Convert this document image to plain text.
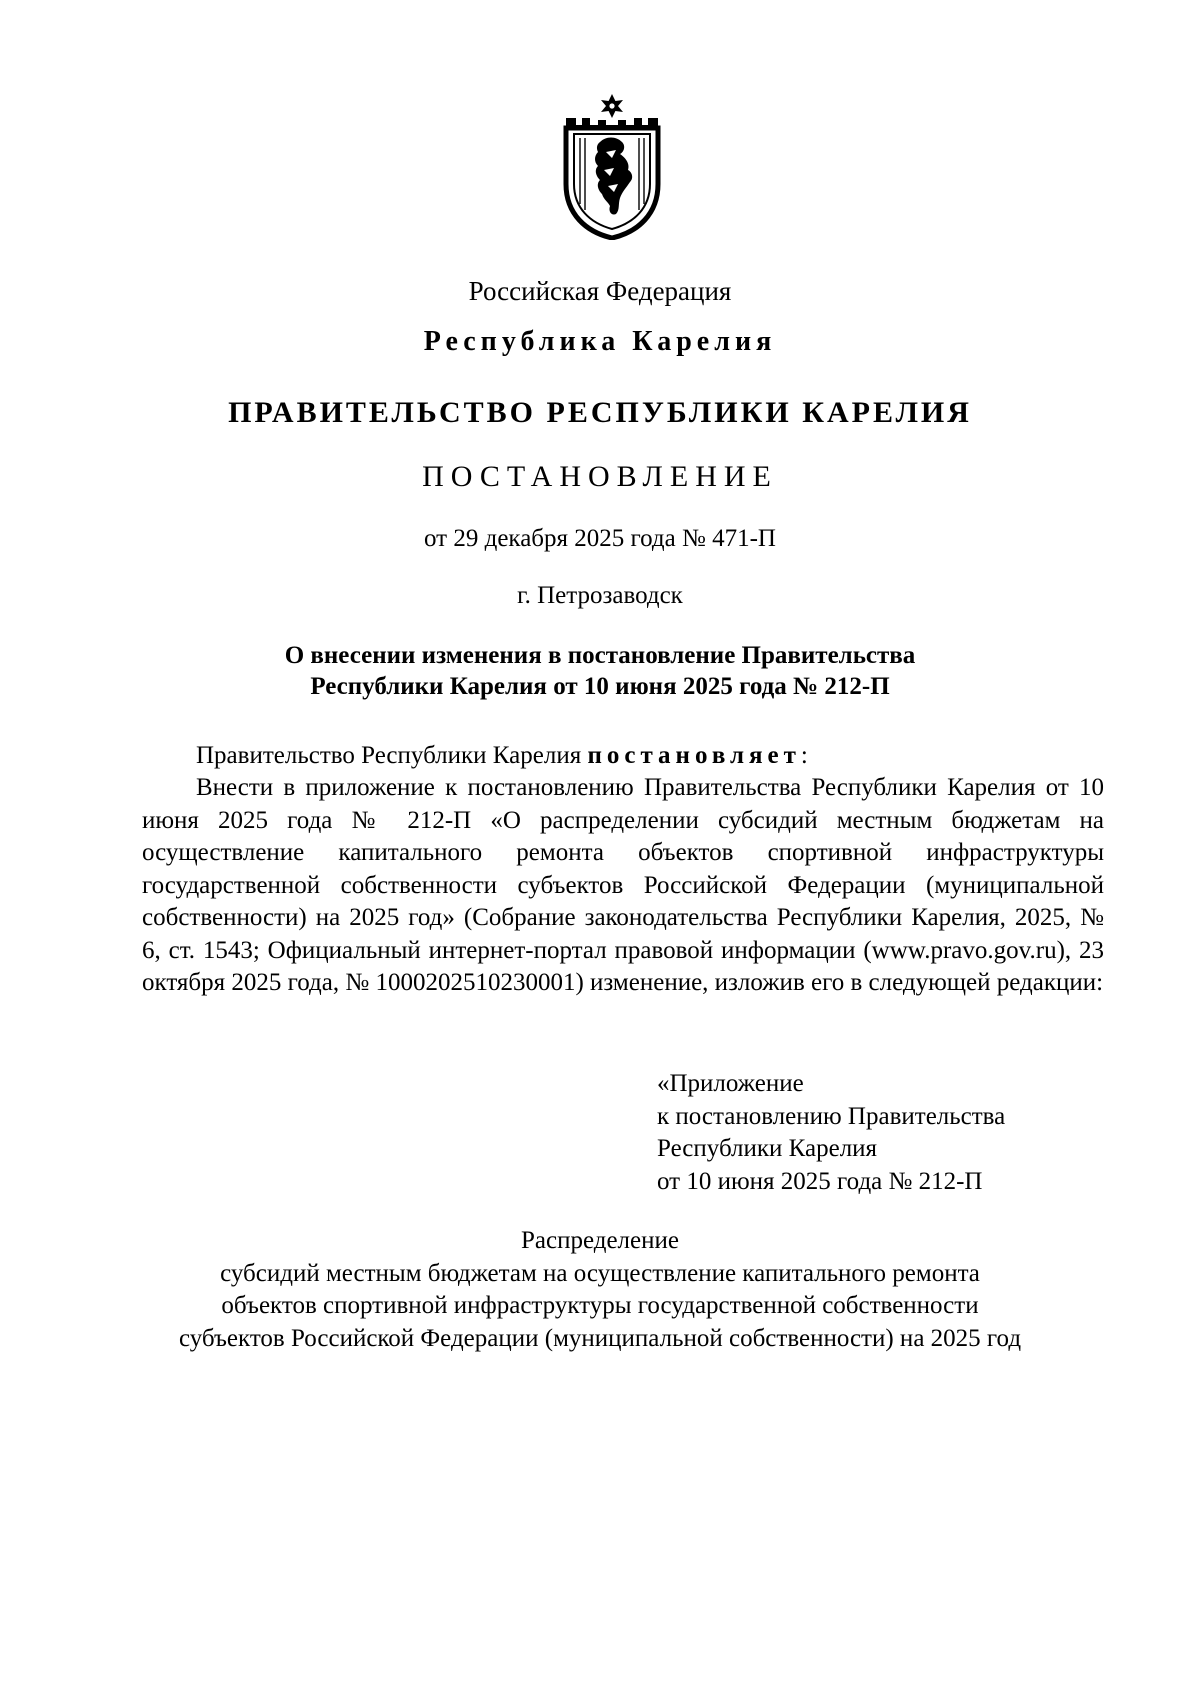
Российская Федерация

Республика Карелия

ПРАВИТЕЛЬСТВО РЕСПУБЛИКИ КАРЕЛИЯ

ПОСТАНОВЛЕНИЕ

от 29 декабря 2025 года № 471-П

г. Петрозаводск

О внесении изменения в постановление Правительства
Республики Карелия от 10 июня 2025 года № 212-П

Правительство Республики Карелия постановляет:

Внести в приложение к постановлению Правительства Республики Карелия от 10 июня 2025 года № 212-П «О распределении субсидий местным бюджетам на осуществление капитального ремонта объектов спортивной инфраструктуры государственной собственности субъектов Российской Федерации (муниципальной собственности) на 2025 год» (Собрание законодательства Республики Карелия, 2025, № 6, ст. 1543; Официальный интернет-портал правовой информации (www.pravo.gov.ru), 23 октября 2025 года, № 1000202510230001) изменение, изложив его в следующей редакции:

«Приложение
к постановлению Правительства
Республики Карелия
от 10 июня 2025 года № 212-П
Распределение
субсидий местным бюджетам на осуществление капитального ремонта
объектов спортивной инфраструктуры государственной собственности
субъектов Российской Федерации (муниципальной собственности) на 2025 год
